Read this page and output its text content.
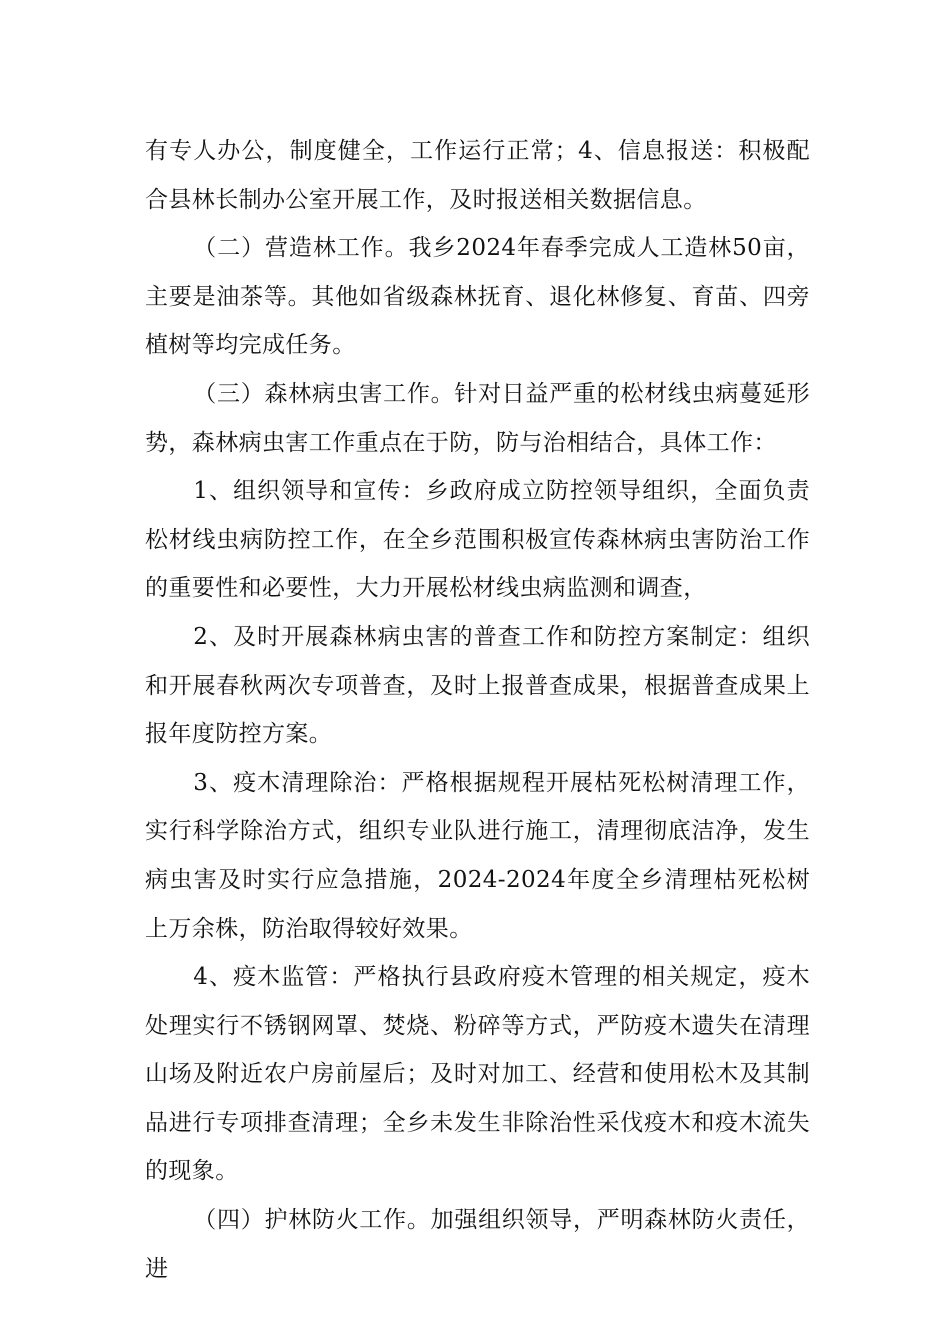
有专人办公，制度健全，工作运行正常；4、信息报送：积极配合县林长制办公室开展工作，及时报送相关数据信息。

（二）营造林工作。我乡2024年春季完成人工造林50亩，主要是油茶等。其他如省级森林抚育、退化林修复、育苗、四旁植树等均完成任务。

（三）森林病虫害工作。针对日益严重的松材线虫病蔓延形势，森林病虫害工作重点在于防，防与治相结合，具体工作：

1、组织领导和宣传：乡政府成立防控领导组织，全面负责松材线虫病防控工作，在全乡范围积极宣传森林病虫害防治工作的重要性和必要性，大力开展松材线虫病监测和调查，

2、及时开展森林病虫害的普查工作和防控方案制定：组织和开展春秋两次专项普查，及时上报普查成果，根据普查成果上报年度防控方案。

3、疫木清理除治：严格根据规程开展枯死松树清理工作，实行科学除治方式，组织专业队进行施工，清理彻底洁净，发生病虫害及时实行应急措施，2024-2024年度全乡清理枯死松树上万余株，防治取得较好效果。

4、疫木监管：严格执行县政府疫木管理的相关规定，疫木处理实行不锈钢网罩、焚烧、粉碎等方式，严防疫木遗失在清理山场及附近农户房前屋后；及时对加工、经营和使用松木及其制品进行专项排查清理；全乡未发生非除治性采伐疫木和疫木流失的现象。

（四）护林防火工作。加强组织领导，严明森林防火责任，进
